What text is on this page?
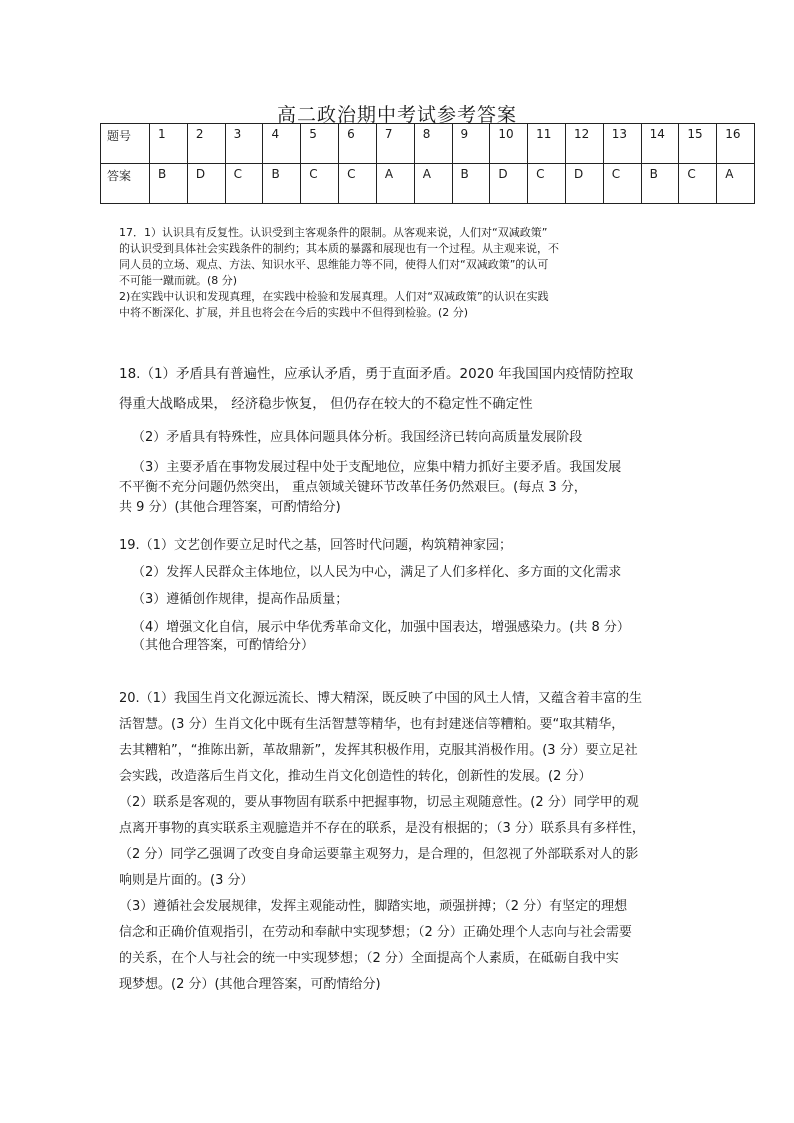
高二政治期中考试参考答案
题号	1	2	3	4	5	6	7	8	9	10	11	12	13	14	15	16
答案	B	D	C	B	C	C	A	A	B	D	C	D	C	B	C	A

17．1）认识具有反复性。认识受到主客观条件的限制。从客观来说，人们对“双减政策”

的认识受到具体社会实践条件的制约；其本质的暴露和展现也有一个过程。从主观来说，不

同人员的立场、观点、方法、知识水平、思维能力等不同，使得人们对“双减政策”的认可

不可能一蹴而就。(8 分)

2)在实践中认识和发现真理，在实践中检验和发展真理。人们对“双减政策”的认识在实践

中将不断深化、扩展，并且也将会在今后的实践中不但得到检验。(2 分)

18.（1）矛盾具有普遍性，应承认矛盾，勇于直面矛盾。2020 年我国国内疫情防控取
得重大战略成果， 经济稳步恢复， 但仍存在较大的不稳定性不确定性
（2）矛盾具有特殊性，应具体问题具体分析。我国经济已转向高质量发展阶段

（3）主要矛盾在事物发展过程中处于支配地位，应集中精力抓好主要矛盾。我国发展

不平衡不充分问题仍然突出， 重点领域关键环节改革任务仍然艰巨。(每点 3 分，

共 9 分）(其他合理答案，可酌情给分)

19.（1）文艺创作要立足时代之基，回答时代问题，构筑精神家园；
（2）发挥人民群众主体地位，以人民为中心，满足了人们多样化、多方面的文化需求
（3）遵循创作规律，提高作品质量；
（4）增强文化自信，展示中华优秀革命文化，加强中国表达，增强感染力。(共 8 分）
（其他合理答案，可酌情给分）

20.（1）我国生肖文化源远流长、博大精深，既反映了中国的风土人情，又蕴含着丰富的生

活智慧。(3 分）生肖文化中既有生活智慧等精华，也有封建迷信等糟粕。要“取其精华，

去其糟粕”，“推陈出新，革故鼎新”，发挥其积极作用，克服其消极作用。(3 分）要立足社

会实践，改造落后生肖文化，推动生肖文化创造性的转化，创新性的发展。(2 分）

（2）联系是客观的，要从事物固有联系中把握事物，切忌主观随意性。(2 分）同学甲的观

点离开事物的真实联系主观臆造并不存在的联系，是没有根据的；（3 分）联系具有多样性，

（2 分）同学乙强调了改变自身命运要靠主观努力，是合理的，但忽视了外部联系对人的影

响则是片面的。(3 分）

（3）遵循社会发展规律，发挥主观能动性，脚踏实地，顽强拼搏；（2 分）有坚定的理想

信念和正确价值观指引，在劳动和奉献中实现梦想；（2 分）正确处理个人志向与社会需要

的关系，在个人与社会的统一中实现梦想；（2 分）全面提高个人素质，在砥砺自我中实

现梦想。(2 分）(其他合理答案，可酌情给分)
